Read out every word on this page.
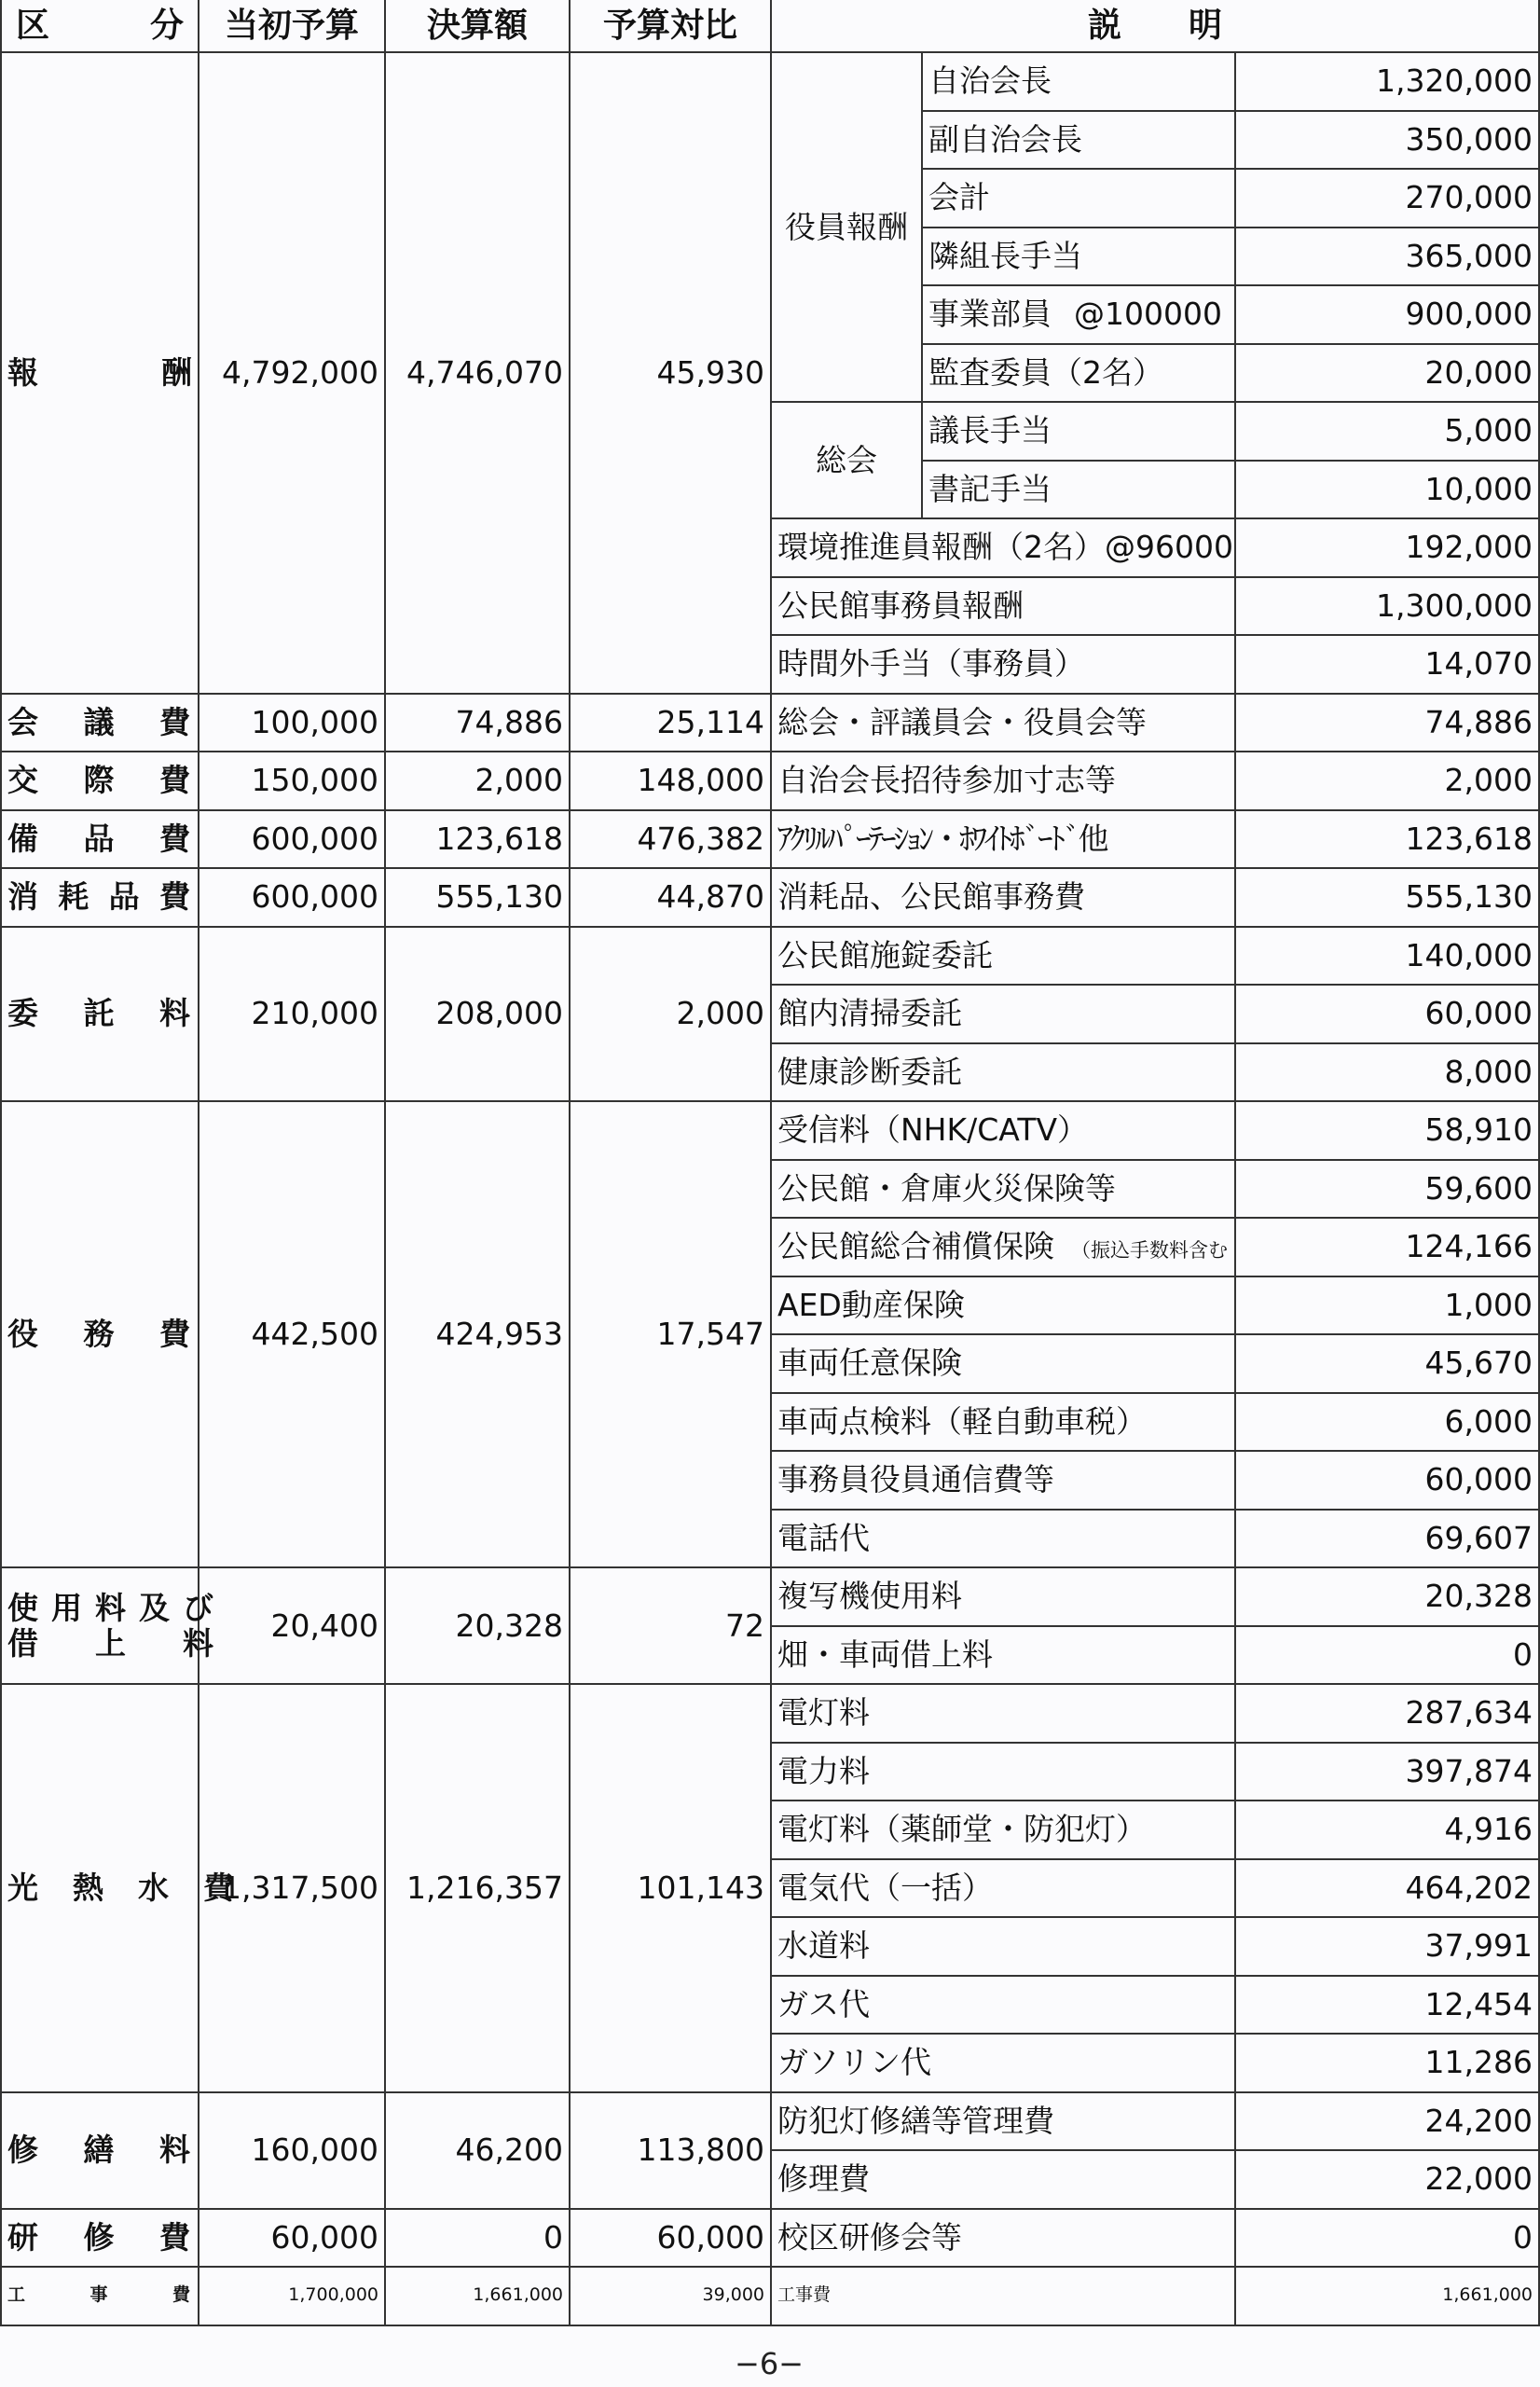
区　　　分	当初予算	決算額	予算対比	説　　明		
報　　　酬	4,792,000	4,746,070	45,930	役員報酬	自治会長	1,320,000
					副自治会長	350,000
					会計	270,000
					隣組長手当	365,000
					事業部員 @100000	900,000
					監査委員（2名）	20,000
				総会	議長手当	5,000
					書記手当	10,000
				環境推進員報酬（2名）@96000		192,000
				公民館事務員報酬		1,300,000
				時間外手当（事務員）		14,070
会　議　費	100,000	74,886	25,114	総会・評議員会・役員会等		74,886
交　際　費	150,000	2,000	148,000	自治会長招待参加寸志等		2,000
備　品　費	600,000	123,618	476,382	ｱｸﾘﾙﾊﾟｰﾃｰｼｮﾝ・ﾎﾜｲﾄﾎﾞｰﾄﾞ他		123,618
消耗品費	600,000	555,130	44,870	消耗品、公民館事務費		555,130
委　託　料	210,000	208,000	2,000	公民館施錠委託		140,000
				館内清掃委託		60,000
				健康診断委託		8,000
役　務　費	442,500	424,953	17,547	受信料（NHK/CATV）		58,910
				公民館・倉庫火災保険等		59,600
				公民館総合補償保険 （振込手数料含む		124,166
				AED動産保険		1,000
				車両任意保険		45,670
				車両点検料（軽自動車税）		6,000
				事務員役員通信費等		60,000
				電話代		69,607

使用料及び
借　上　料	20,400	20,328	72	複写機使用料		20,328
				畑・車両借上料		0
光　熱　水　費	1,317,500	1,216,357	101,143	電灯料		287,634
				電力料		397,874
				電灯料（薬師堂・防犯灯）		4,916
				電気代（一括）		464,202
				水道料		37,991
				ガス代		12,454
				ガソリン代		11,286
修　繕　料	160,000	46,200	113,800	防犯灯修繕等管理費		24,200
				修理費		22,000
研　修　費	60,000	0	60,000	校区研修会等		0
工　事　費	1,700,000	1,661,000	39,000	工事費		1,661,000
−6−
